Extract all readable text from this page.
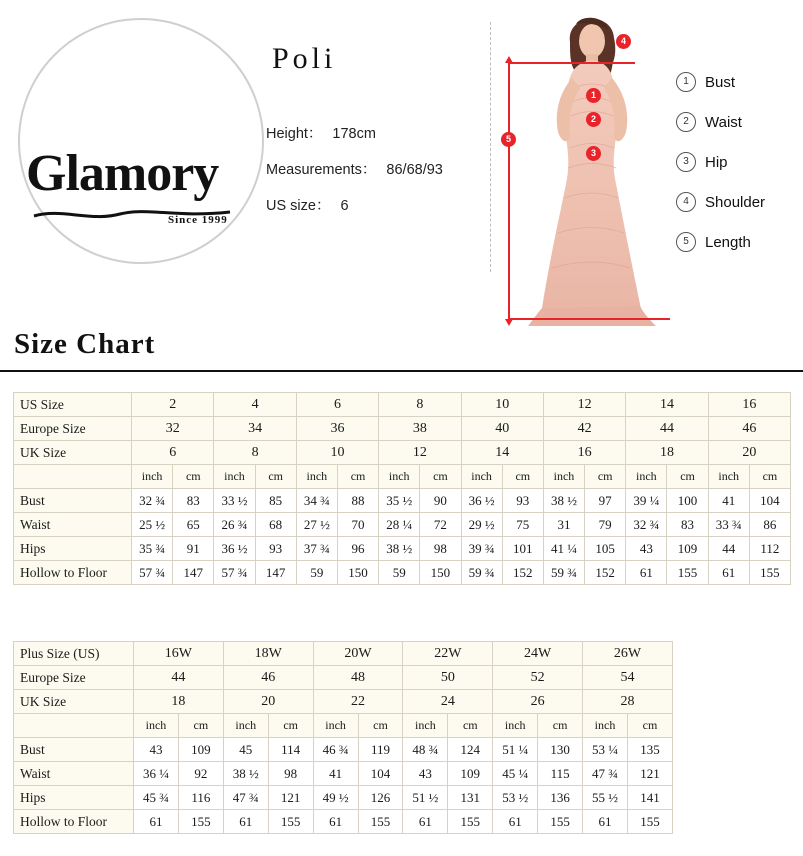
Glamory
Since 1999
Poli
Height： 178cm
Measurements： 86/68/93
US size： 6
1
2
3
4
5
1	Bust
2	Waist
3	Hip
4	Shoulder
5	Length
Size Chart
US Size	2		4		6		8		10		12		14		16	
Europe Size	32		34		36		38		40		42		44		46	
UK Size	6		8		10		12		14		16		18		20	
	inch	cm	inch	cm	inch	cm	inch	cm	inch	cm	inch	cm	inch	cm	inch	cm
Bust	32 ¾	83	33 ½	85	34 ¾	88	35 ½	90	36 ½	93	38 ½	97	39 ¼	100	41	104
Waist	25 ½	65	26 ¾	68	27 ½	70	28 ¼	72	29 ½	75	31	79	32 ¾	83	33 ¾	86
Hips	35 ¾	91	36 ½	93	37 ¾	96	38 ½	98	39 ¾	101	41 ¼	105	43	109	44	112
Hollow to Floor	57 ¾	147	57 ¾	147	59	150	59	150	59 ¾	152	59 ¾	152	61	155	61	155
Plus Size (US)	16W		18W		20W		22W		24W		26W	
Europe Size	44		46		48		50		52		54	
UK Size	18		20		22		24		26		28	
	inch	cm	inch	cm	inch	cm	inch	cm	inch	cm	inch	cm
Bust	43	109	45	114	46 ¾	119	48 ¾	124	51 ¼	130	53 ¼	135
Waist	36 ¼	92	38 ½	98	41	104	43	109	45 ¼	115	47 ¾	121
Hips	45 ¾	116	47 ¾	121	49 ½	126	51 ½	131	53 ½	136	55 ½	141
Hollow to Floor	61	155	61	155	61	155	61	155	61	155	61	155
